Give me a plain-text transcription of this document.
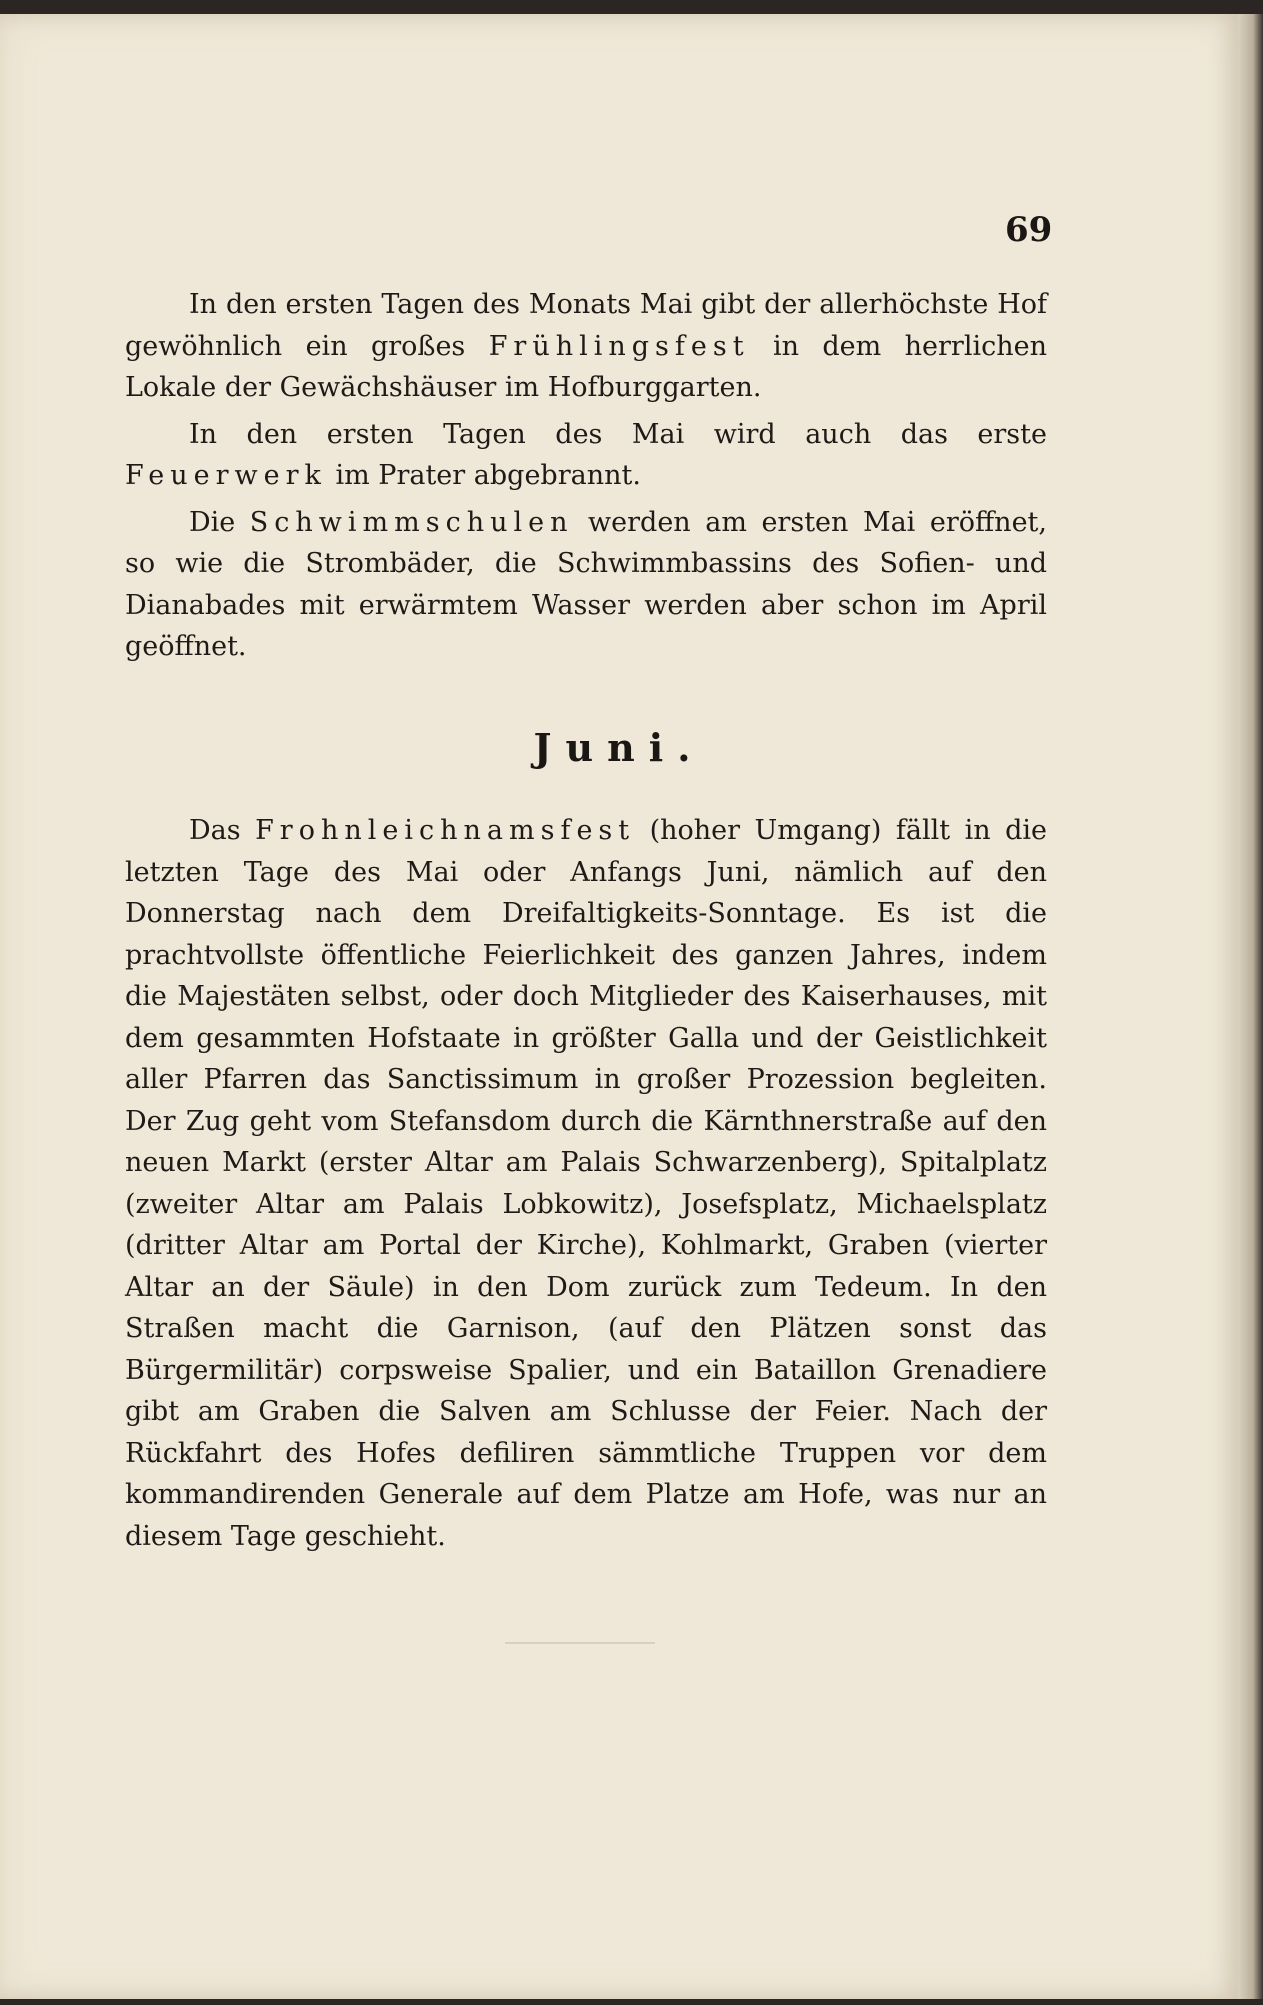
69

In den ersten Tagen des Monats Mai gibt der allerhöchste Hof gewöhnlich ein großes Frühlingsfest in dem herrlichen Lokale der Gewächshäuser im Hofburggarten.

In den ersten Tagen des Mai wird auch das erste Feuerwerk im Prater abgebrannt.

Die Schwimmschulen werden am ersten Mai eröffnet, so wie die Strombäder, die Schwimmbassins des Sofien- und Dianabades mit erwärmtem Wasser werden aber schon im April geöffnet.

Juni.

Das Frohnleichnamsfest (hoher Umgang) fällt in die letzten Tage des Mai oder Anfangs Juni, nämlich auf den Donnerstag nach dem Dreifaltigkeits-Sonntage. Es ist die prachtvollste öffentliche Feierlichkeit des ganzen Jahres, indem die Majestäten selbst, oder doch Mitglieder des Kaiserhauses, mit dem gesammten Hofstaate in größter Galla und der Geistlichkeit aller Pfarren das Sanctissimum in großer Prozession begleiten. Der Zug geht vom Stefansdom durch die Kärnthnerstraße auf den neuen Markt (erster Altar am Palais Schwarzenberg), Spitalplatz (zweiter Altar am Palais Lobkowitz), Josefsplatz, Michaelsplatz (dritter Altar am Portal der Kirche), Kohlmarkt, Graben (vierter Altar an der Säule) in den Dom zurück zum Tedeum. In den Straßen macht die Garnison, (auf den Plätzen sonst das Bürgermilitär) corpsweise Spalier, und ein Bataillon Grenadiere gibt am Graben die Salven am Schlusse der Feier. Nach der Rückfahrt des Hofes defiliren sämmtliche Truppen vor dem kommandirenden Generale auf dem Platze am Hofe, was nur an diesem Tage geschieht.
